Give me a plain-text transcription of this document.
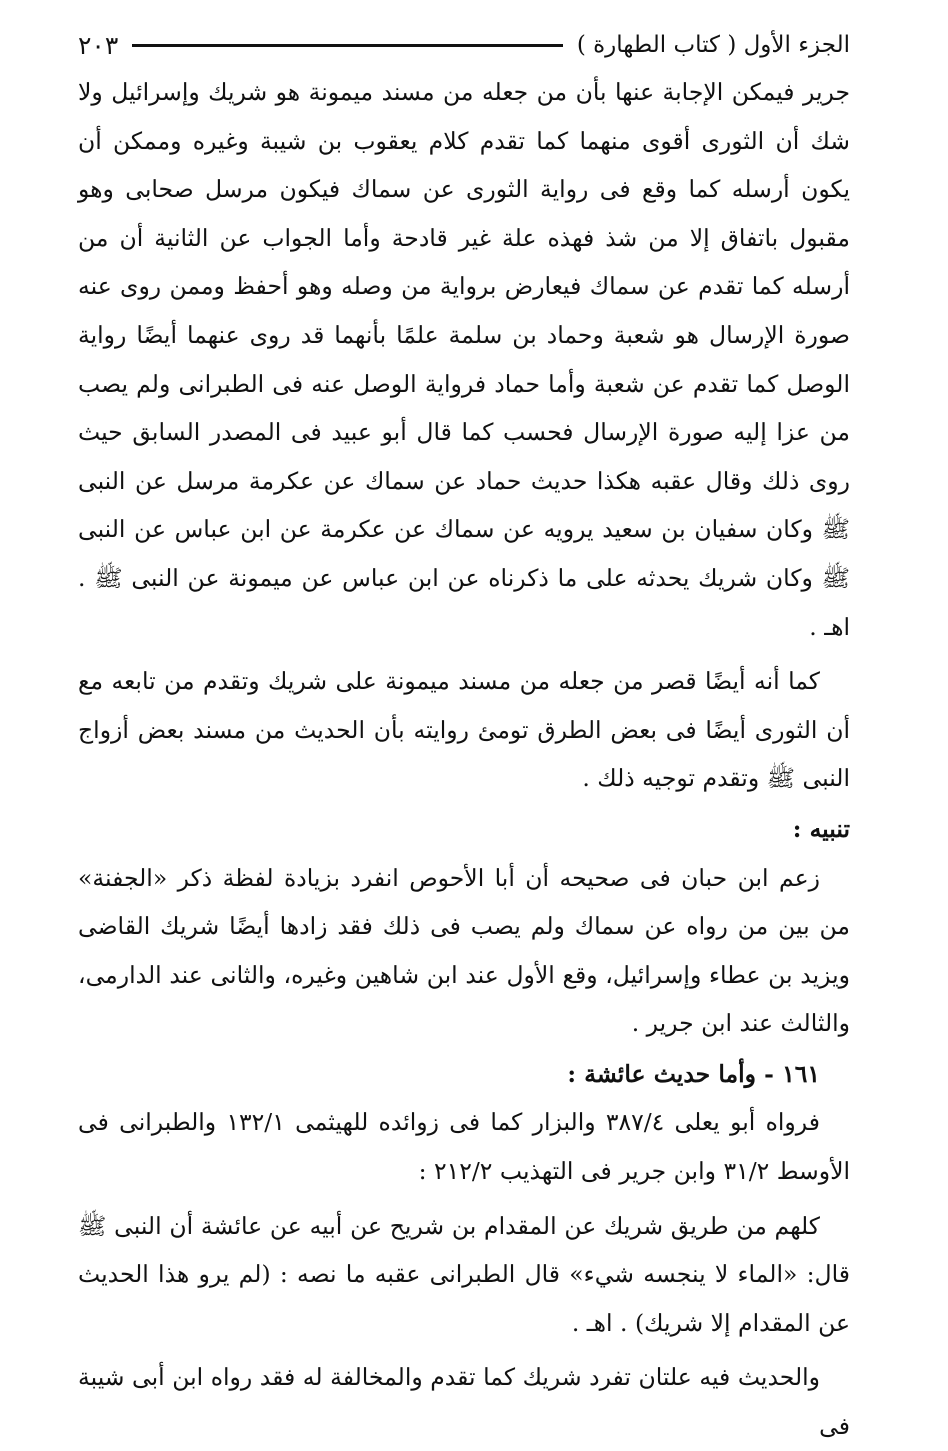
الجزء الأول ( كتاب الطهارة )
٢٠٣

جرير فيمكن الإجابة عنها بأن من جعله من مسند ميمونة هو شريك وإسرائيل ولا شك أن الثورى أقوى منهما كما تقدم كلام يعقوب بن شيبة وغيره وممكن أن يكون أرسله كما وقع فى رواية الثورى عن سماك فيكون مرسل صحابى وهو مقبول باتفاق إلا من شذ فهذه علة غير قادحة وأما الجواب عن الثانية أن من أرسله كما تقدم عن سماك فيعارض برواية من وصله وهو أحفظ وممن روى عنه صورة الإرسال هو شعبة وحماد بن سلمة علمًا بأنهما قد روى عنهما أيضًا رواية الوصل كما تقدم عن شعبة وأما حماد فرواية الوصل عنه فى الطبرانى ولم يصب من عزا إليه صورة الإرسال فحسب كما قال أبو عبيد فى المصدر السابق حيث روى ذلك وقال عقبه هكذا حديث حماد عن سماك عن عكرمة مرسل عن النبى ﷺ وكان سفيان بن سعيد يرويه عن سماك عن عكرمة عن ابن عباس عن النبى ﷺ وكان شريك يحدثه على ما ذكرناه عن ابن عباس عن ميمونة عن النبى ﷺ . اهـ .

كما أنه أيضًا قصر من جعله من مسند ميمونة على شريك وتقدم من تابعه مع أن الثورى أيضًا فى بعض الطرق تومئ روايته بأن الحديث من مسند بعض أزواج النبى ﷺ وتقدم توجيه ذلك .

تنبيه :

زعم ابن حبان فى صحيحه أن أبا الأحوص انفرد بزيادة لفظة ذكر «الجفنة» من بين من رواه عن سماك ولم يصب فى ذلك فقد زادها أيضًا شريك القاضى ويزيد بن عطاء وإسرائيل، وقع الأول عند ابن شاهين وغيره، والثانى عند الدارمى، والثالث عند ابن جرير .

١٦١ - وأما حديث عائشة :

فرواه أبو يعلى ٣٨٧/٤ والبزار كما فى زوائده للهيثمى ١٣٢/١ والطبرانى فى الأوسط ٣١/٢ وابن جرير فى التهذيب ٢١٢/٢ :

كلهم من طريق شريك عن المقدام بن شريح عن أبيه عن عائشة أن النبى ﷺ قال: «الماء لا ينجسه شيء» قال الطبرانى عقبه ما نصه : (لم يرو هذا الحديث عن المقدام إلا شريك) . اهـ .

والحديث فيه علتان تفرد شريك كما تقدم والمخالفة له فقد رواه ابن أبى شيبة فى
